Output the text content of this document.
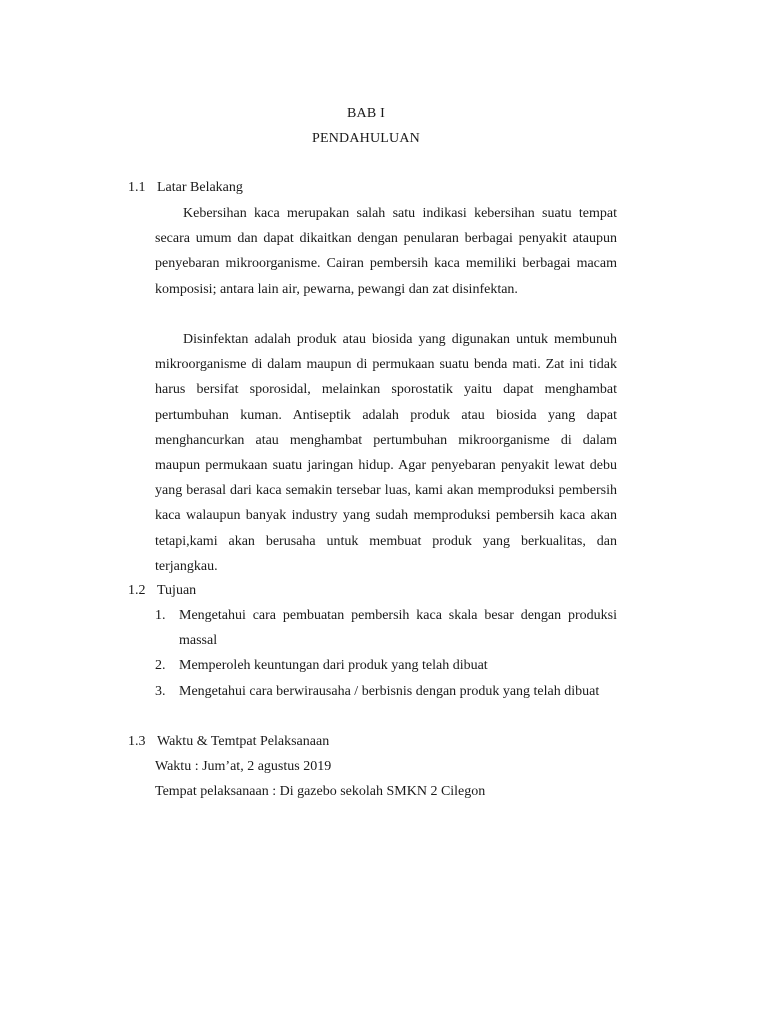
BAB I
PENDAHULUAN
1.1 Latar Belakang

Kebersihan kaca merupakan salah satu indikasi kebersihan suatu tempat secara umum dan dapat dikaitkan dengan penularan berbagai penyakit ataupun penyebaran mikroorganisme. Cairan pembersih kaca memiliki berbagai macam komposisi; antara lain air, pewarna, pewangi dan zat disinfektan.

Disinfektan adalah produk atau biosida yang digunakan untuk membunuh mikroorganisme di dalam maupun di permukaan suatu benda mati. Zat ini tidak harus bersifat sporosidal, melainkan sporostatik yaitu dapat menghambat pertumbuhan kuman. Antiseptik adalah produk atau biosida yang dapat menghancurkan atau menghambat pertumbuhan mikroorganisme di dalam maupun permukaan suatu jaringan hidup. Agar penyebaran penyakit lewat debu yang berasal dari kaca semakin tersebar luas, kami akan memproduksi pembersih kaca walaupun banyak industry yang sudah memproduksi pembersih kaca akan tetapi,kami akan berusaha untuk membuat produk yang berkualitas, dan terjangkau.

1.2 Tujuan
1. Mengetahui cara pembuatan pembersih kaca skala besar dengan produksi massal
2. Memperoleh keuntungan dari produk yang telah dibuat
3. Mengetahui cara berwirausaha / berbisnis dengan produk yang telah dibuat
1.3 Waktu & Temtpat Pelaksanaan
Waktu : Jum’at, 2 agustus 2019
Tempat pelaksanaan : Di gazebo sekolah SMKN 2 Cilegon
